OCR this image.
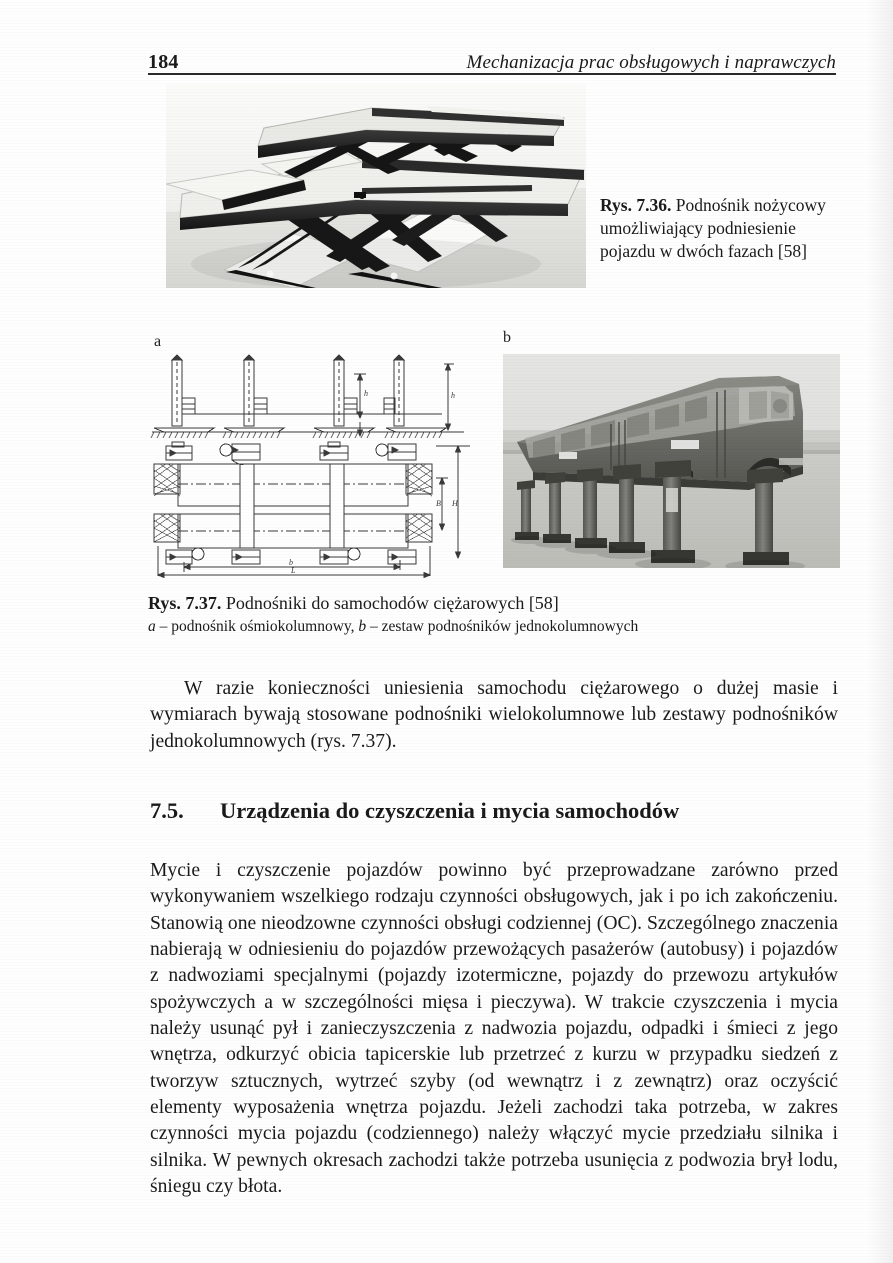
184	Mechanizacja prac obsługowych i naprawczych
Rys. 7.36. Podnośnik nożycowy umożliwiający podniesienie pojazdu w dwóch fazach [58]
a	b
b
L
B H
h
h
Rys. 7.37. Podnośniki do samochodów ciężarowych [58]
a – podnośnik ośmiokolumnowy, b – zestaw podnośników jednokolumnowych
W razie konieczności uniesienia samochodu ciężarowego o dużej masie i wymiarach bywają stosowane podnośniki wielokolumnowe lub zestawy podnośników jednokolumnowych (rys. 7.37).
7.5.	Urządzenia do czyszczenia i mycia samochodów
Mycie i czyszczenie pojazdów powinno być przeprowadzane zarówno przed wykonywaniem wszelkiego rodzaju czynności obsługowych, jak i po ich zakończeniu. Stanowią one nieodzowne czynności obsługi codziennej (OC). Szczególnego znaczenia nabierają w odniesieniu do pojazdów przewożących pasażerów (autobusy) i pojazdów z nadwoziami specjalnymi (pojazdy izotermiczne, pojazdy do przewozu artykułów spożywczych a w szczególności mięsa i pieczywa). W trakcie czyszczenia i mycia należy usunąć pył i zanieczyszczenia z nadwozia pojazdu, odpadki i śmieci z jego wnętrza, odkurzyć obicia tapicerskie lub przetrzeć z kurzu w przypadku siedzeń z tworzyw sztucznych, wytrzeć szyby (od wewnątrz i z zewnątrz) oraz oczyścić elementy wyposażenia wnętrza pojazdu. Jeżeli zachodzi taka potrzeba, w zakres czynności mycia pojazdu (codziennego) należy włączyć mycie przedziału silnika i silnika. W pewnych okresach zachodzi także potrzeba usunięcia z podwozia brył lodu, śniegu czy błota.
